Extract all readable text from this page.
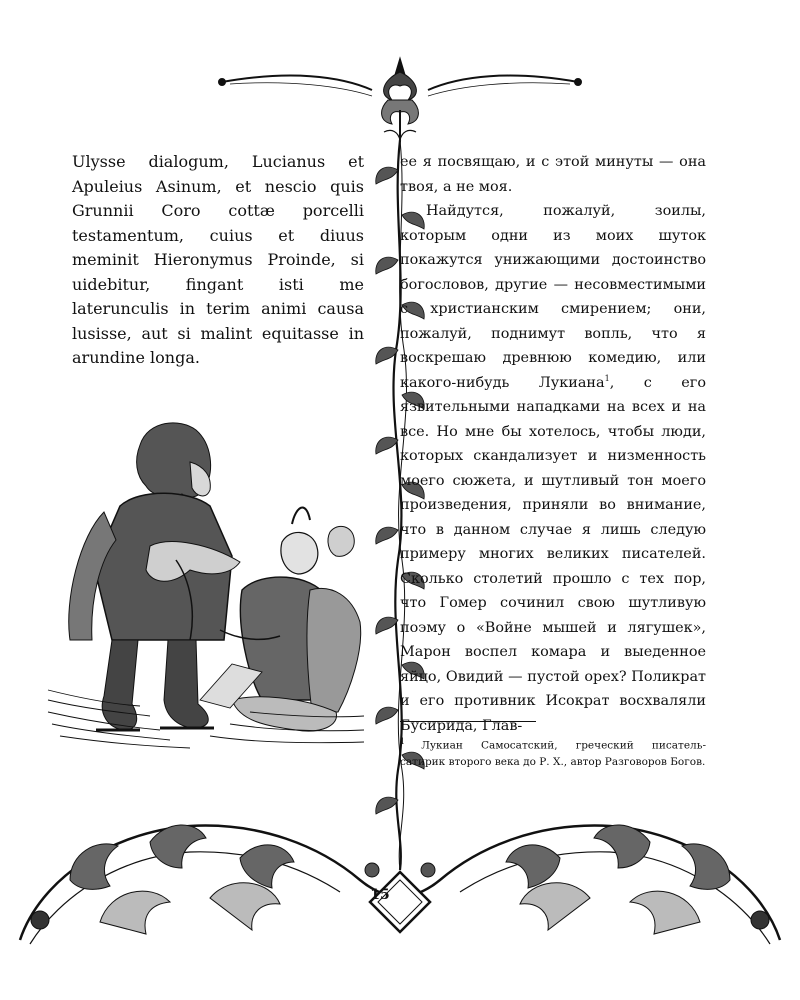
Ulysse dialogum, Lucianus et Apuleius Asinum, et nescio quis Grunnii Coro cottæ porcelli testamentum, cuius et diuus meminit Hieronymus Proinde, si uidebitur, fingant isti me laterunculis in terim animi causa lusisse, aut si malint equitasse in arundine longa.

ее я посвящаю, и с этой минуты — она твоя, а не моя.

Найдутся, пожалуй, зоилы, которым одни из моих шуток покажутся унижающими достоинство богословов, другие — несовместимыми с христианским смирением; они, пожалуй, поднимут вопль, что я воскрешаю древнюю комедию, или какого-нибудь Лукиана$^1$, с его язвительными нападками на всех и на все. Но мне бы хотелось, чтобы люди, которых скандализует и низменность моего сюжета, и шутливый тон моего произведения, приняли во внимание, что в данном случае я лишь следую примеру многих великих писателей. Сколько столетий прошло с тех пор, что Гомер сочинил свою шутливую поэму о «Войне мышей и лягушек», Марон воспел комара и выеденное яйцо, Овидий — пустой орех? Поликрат и его противник Исократ восхваляли Бусирида, Глав-

$^1$ Лукиан Самосатский, греческий писатель-сатирик второго века до Р. Х., автор Разговоров Богов.
15
